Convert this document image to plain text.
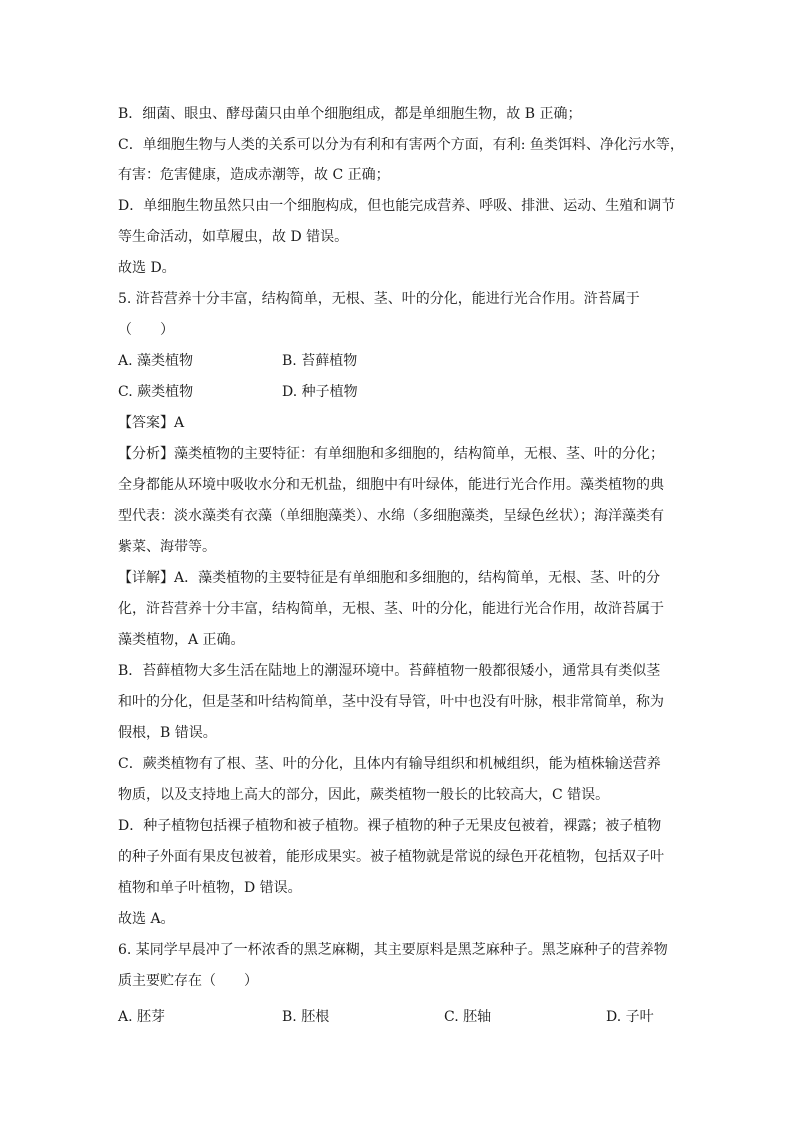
B．细菌、眼虫、酵母菌只由单个细胞组成，都是单细胞生物，故 B 正确；
C．单细胞生物与人类的关系可以分为有利和有害两个方面，有利: 鱼类饵料、净化污水等，
有害：危害健康，造成赤潮等，故 C 正确；
D．单细胞生物虽然只由一个细胞构成，但也能完成营养、呼吸、排泄、运动、生殖和调节
等生命活动，如草履虫，故 D 错误。
故选 D。
5. 浒苔营养十分丰富，结构简单，无根、茎、叶的分化，能进行光合作用。浒苔属于
（　　）
A. 藻类植物	B. 苔藓植物
C. 蕨类植物	D. 种子植物
【答案】A
【分析】藻类植物的主要特征：有单细胞和多细胞的，结构简单，无根、茎、叶的分化；
全身都能从环境中吸收水分和无机盐，细胞中有叶绿体，能进行光合作用。藻类植物的典
型代表：淡水藻类有衣藻（单细胞藻类）、水绵（多细胞藻类，呈绿色丝状）；海洋藻类有
紫菜、海带等。
【详解】A．藻类植物的主要特征是有单细胞和多细胞的，结构简单，无根、茎、叶的分
化，浒苔营养十分丰富，结构简单，无根、茎、叶的分化，能进行光合作用，故浒苔属于
藻类植物，A 正确。
B．苔藓植物大多生活在陆地上的潮湿环境中。苔藓植物一般都很矮小，通常具有类似茎
和叶的分化，但是茎和叶结构简单，茎中没有导管，叶中也没有叶脉，根非常简单，称为
假根，B 错误。
C．蕨类植物有了根、茎、叶的分化，且体内有输导组织和机械组织，能为植株输送营养
物质，以及支持地上高大的部分，因此，蕨类植物一般长的比较高大，C 错误。
D．种子植物包括裸子植物和被子植物。裸子植物的种子无果皮包被着，裸露；被子植物
的种子外面有果皮包被着，能形成果实。被子植物就是常说的绿色开花植物，包括双子叶
植物和单子叶植物，D 错误。
故选 A。
6. 某同学早晨冲了一杯浓香的黑芝麻糊，其主要原料是黑芝麻种子。黑芝麻种子的营养物
质主要贮存在（　　）
A. 胚芽	B. 胚根	C. 胚轴	D. 子叶
